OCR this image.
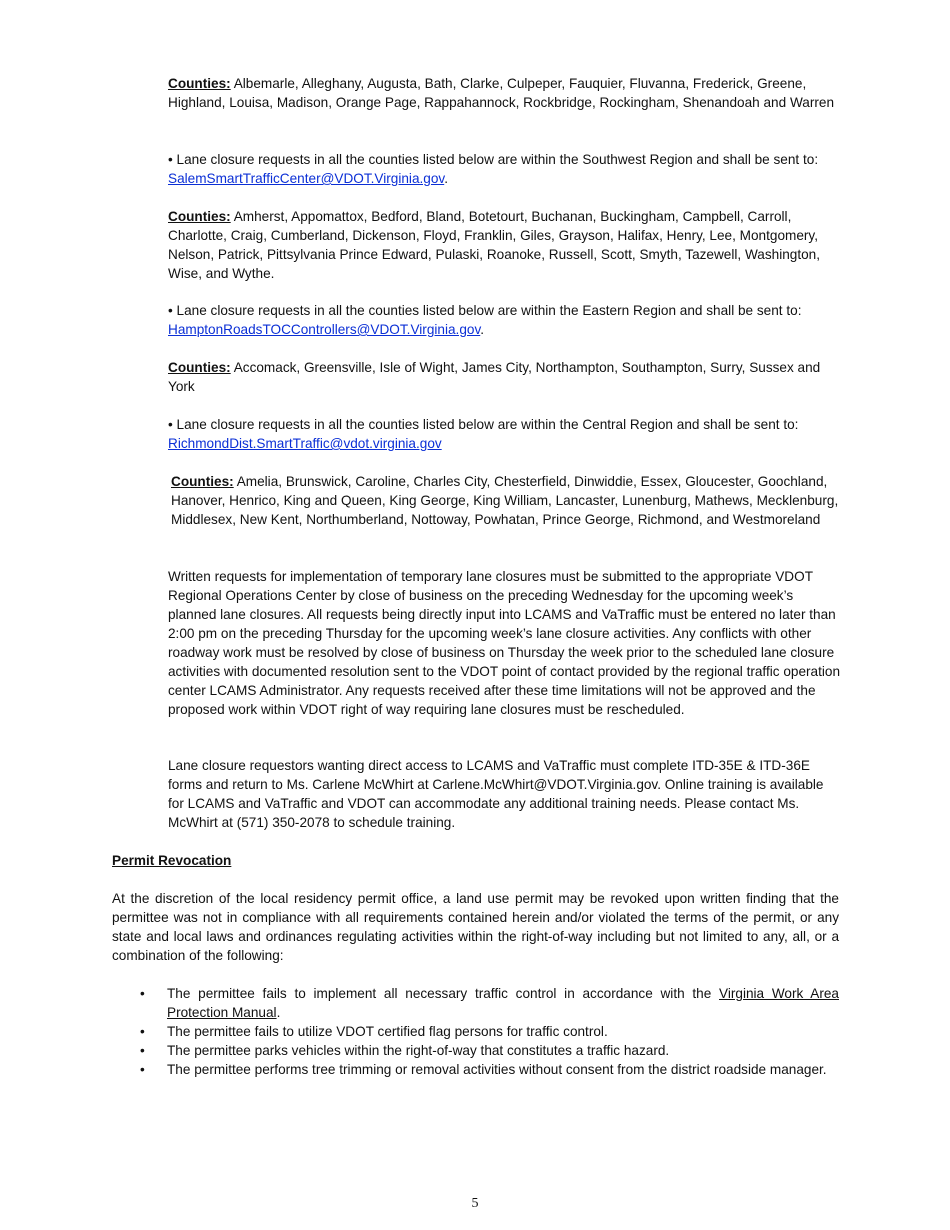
Counties: Albemarle, Alleghany, Augusta, Bath, Clarke, Culpeper, Fauquier, Fluvanna, Frederick, Greene, Highland, Louisa, Madison, Orange Page, Rappahannock, Rockbridge, Rockingham, Shenandoah and Warren

• Lane closure requests in all the counties listed below are within the Southwest Region and shall be sent to: SalemSmartTrafficCenter@VDOT.Virginia.gov.

Counties: Amherst, Appomattox, Bedford, Bland, Botetourt, Buchanan, Buckingham, Campbell, Carroll, Charlotte, Craig, Cumberland, Dickenson, Floyd, Franklin, Giles, Grayson, Halifax, Henry, Lee, Montgomery, Nelson, Patrick, Pittsylvania Prince Edward, Pulaski, Roanoke, Russell, Scott, Smyth, Tazewell, Washington, Wise, and Wythe.

• Lane closure requests in all the counties listed below are within the Eastern Region and shall be sent to: HamptonRoadsTOCControllers@VDOT.Virginia.gov.

Counties: Accomack, Greensville, Isle of Wight, James City, Northampton, Southampton, Surry, Sussex and York

• Lane closure requests in all the counties listed below are within the Central Region and shall be sent to: RichmondDist.SmartTraffic@vdot.virginia.gov

Counties: Amelia, Brunswick, Caroline, Charles City, Chesterfield, Dinwiddie, Essex, Gloucester, Goochland, Hanover, Henrico, King and Queen, King George, King William, Lancaster, Lunenburg, Mathews, Mecklenburg, Middlesex, New Kent, Northumberland, Nottoway, Powhatan, Prince George, Richmond, and Westmoreland

Written requests for implementation of temporary lane closures must be submitted to the appropriate VDOT Regional Operations Center by close of business on the preceding Wednesday for the upcoming week’s planned lane closures. All requests being directly input into LCAMS and VaTraffic must be entered no later than 2:00 pm on the preceding Thursday for the upcoming week’s lane closure activities. Any conflicts with other roadway work must be resolved by close of business on Thursday the week prior to the scheduled lane closure activities with documented resolution sent to the VDOT point of contact provided by the regional traffic operation center LCAMS Administrator. Any requests received after these time limitations will not be approved and the proposed work within VDOT right of way requiring lane closures must be rescheduled.

Lane closure requestors wanting direct access to LCAMS and VaTraffic must complete ITD-35E & ITD-36E forms and return to Ms. Carlene McWhirt at Carlene.McWhirt@VDOT.Virginia.gov. Online training is available for LCAMS and VaTraffic and VDOT can accommodate any additional training needs. Please contact Ms. McWhirt at (571) 350-2078 to schedule training.

Permit Revocation

At the discretion of the local residency permit office, a land use permit may be revoked upon written finding that the permittee was not in compliance with all requirements contained herein and/or violated the terms of the permit, or any state and local laws and ordinances regulating activities within the right-of-way including but not limited to any, all, or a combination of the following:

• The permittee fails to implement all necessary traffic control in accordance with the Virginia Work Area Protection Manual.
• The permittee fails to utilize VDOT certified flag persons for traffic control.
• The permittee parks vehicles within the right-of-way that constitutes a traffic hazard.
• The permittee performs tree trimming or removal activities without consent from the district roadside manager.
5
